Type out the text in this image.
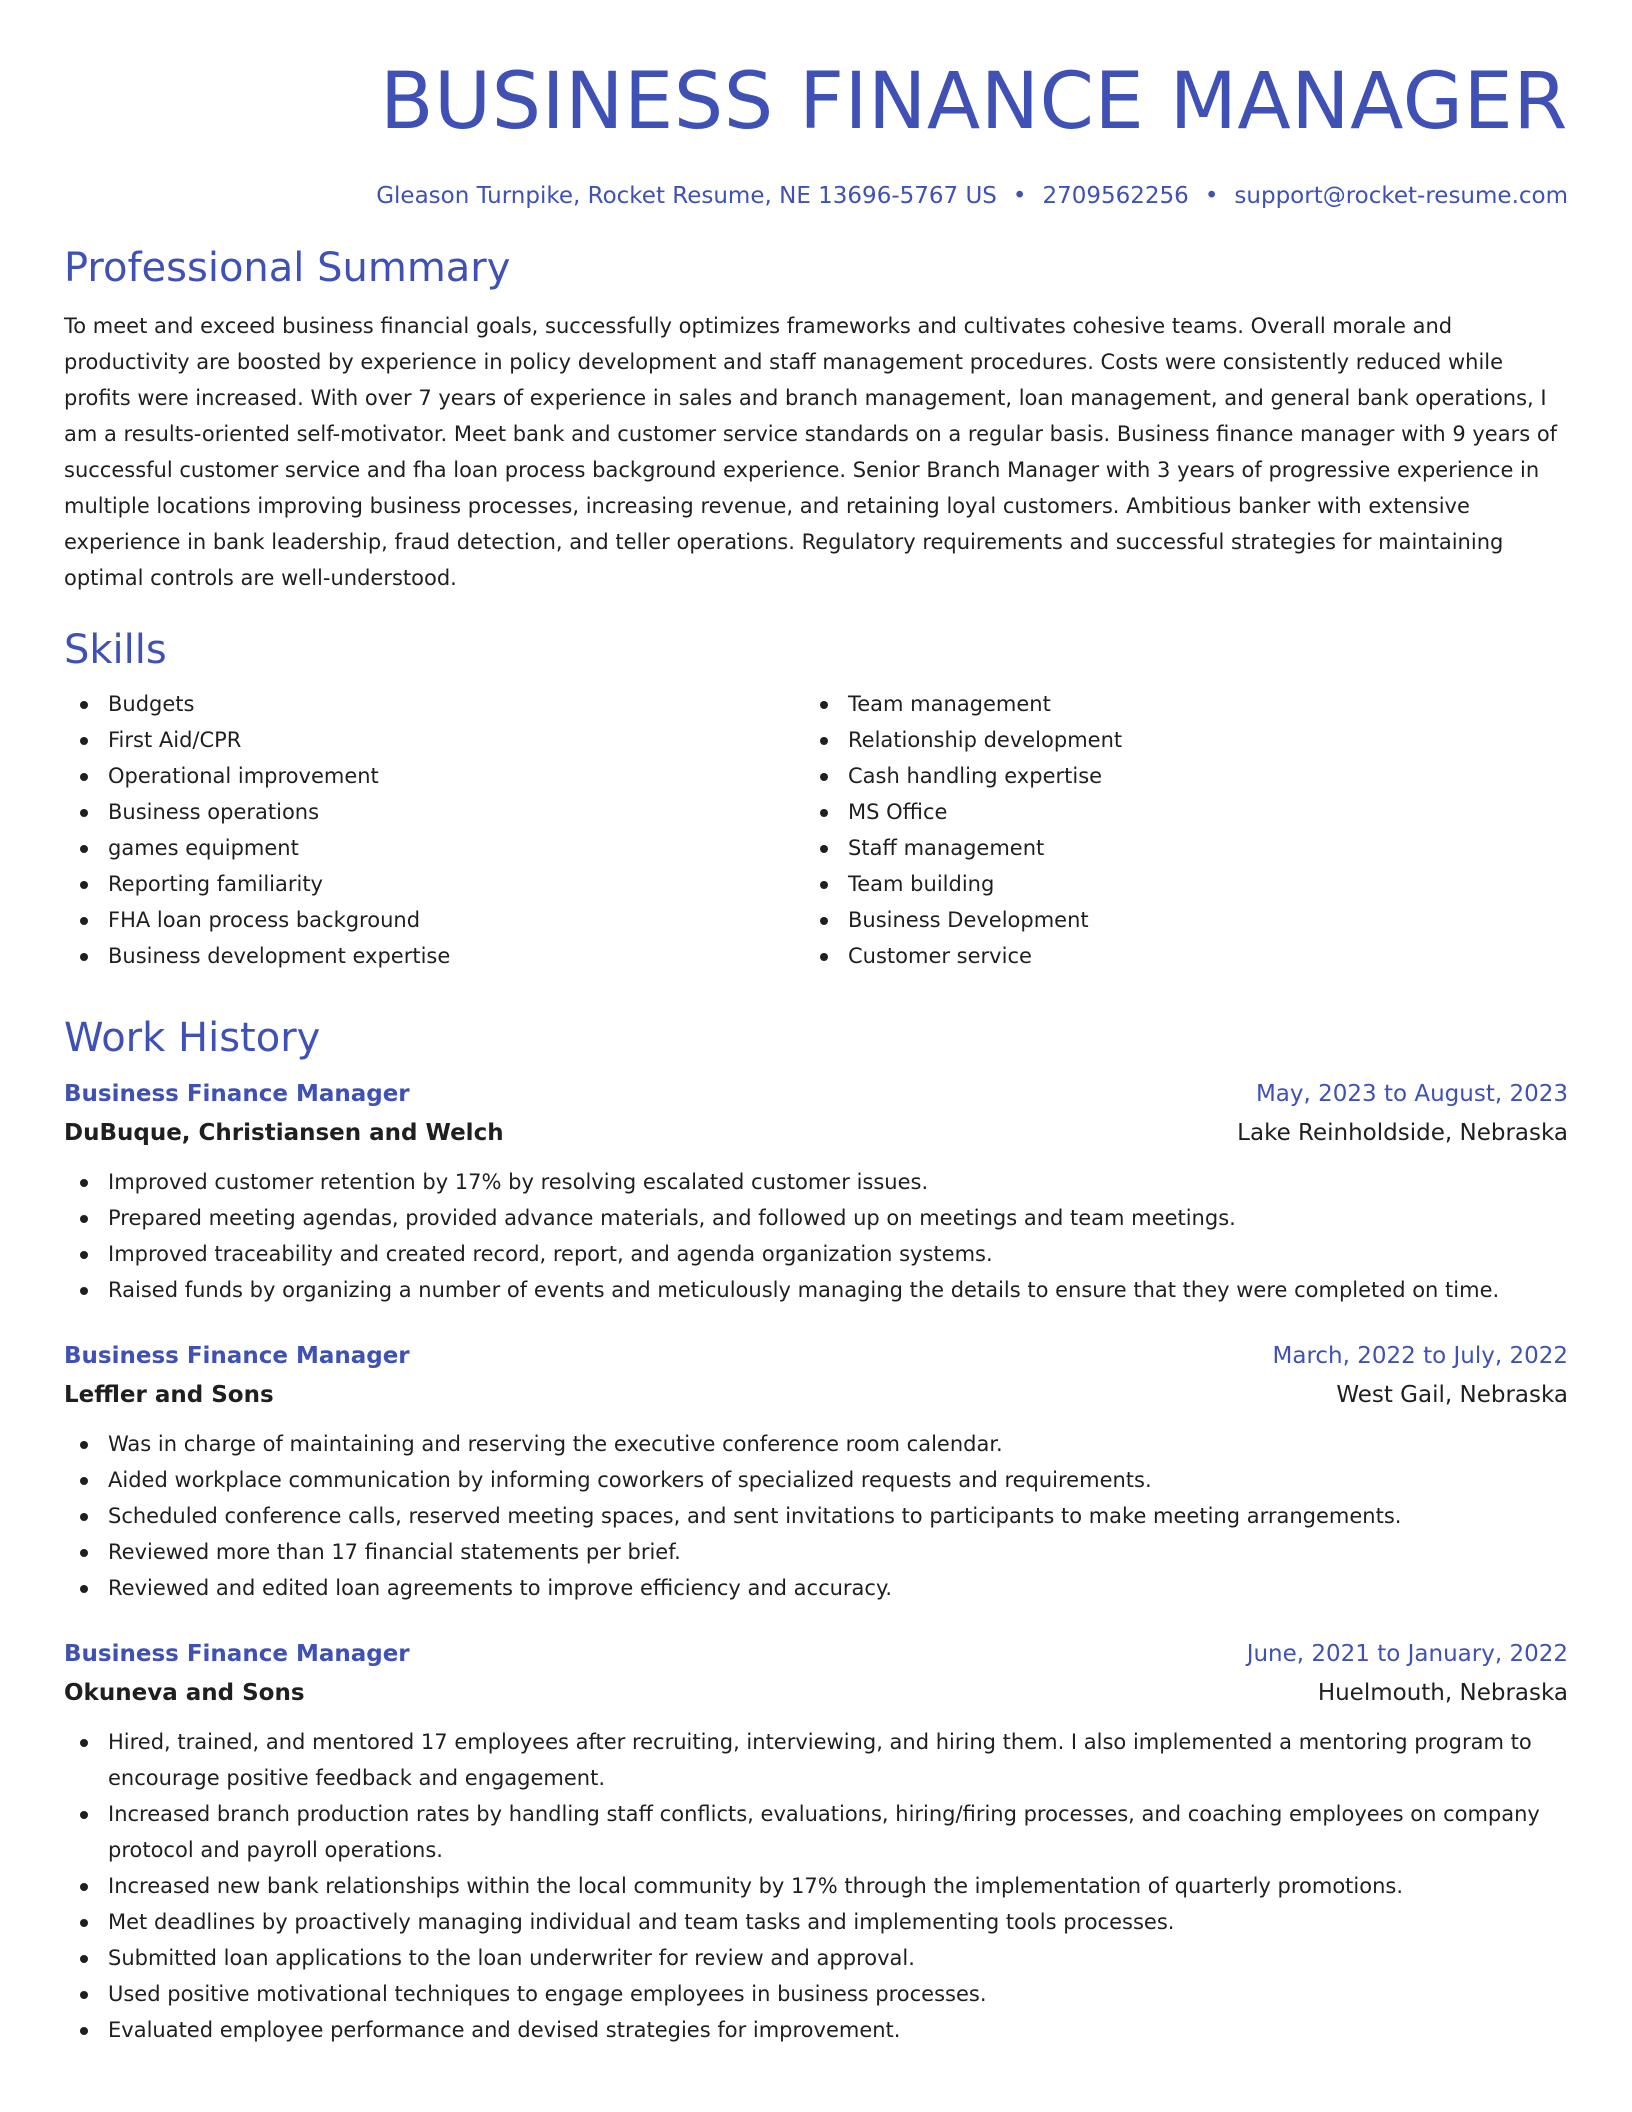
BUSINESS FINANCE MANAGER
Gleason Turnpike, Rocket Resume, NE 13696-5767 US • 2709562256 • support@rocket-resume.com
Professional Summary
To meet and exceed business financial goals, successfully optimizes frameworks and cultivates cohesive teams. Overall morale and productivity are boosted by experience in policy development and staff management procedures. Costs were consistently reduced while profits were increased. With over 7 years of experience in sales and branch management, loan management, and general bank operations, I am a results-oriented self-motivator. Meet bank and customer service standards on a regular basis. Business finance manager with 9 years of successful customer service and fha loan process background experience. Senior Branch Manager with 3 years of progressive experience in multiple locations improving business processes, increasing revenue, and retaining loyal customers. Ambitious banker with extensive experience in bank leadership, fraud detection, and teller operations. Regulatory requirements and successful strategies for maintaining optimal controls are well-understood.
Skills
Budgets
First Aid/CPR
Operational improvement
Business operations
games equipment
Reporting familiarity
FHA loan process background
Business development expertise
Team management
Relationship development
Cash handling expertise
MS Office
Staff management
Team building
Business Development
Customer service
Work History
Business Finance Manager	May, 2023 to August, 2023
DuBuque, Christiansen and Welch	Lake Reinholdside, Nebraska
Improved customer retention by 17% by resolving escalated customer issues.
Prepared meeting agendas, provided advance materials, and followed up on meetings and team meetings.
Improved traceability and created record, report, and agenda organization systems.
Raised funds by organizing a number of events and meticulously managing the details to ensure that they were completed on time.
Business Finance Manager	March, 2022 to July, 2022
Leffler and Sons	West Gail, Nebraska
Was in charge of maintaining and reserving the executive conference room calendar.
Aided workplace communication by informing coworkers of specialized requests and requirements.
Scheduled conference calls, reserved meeting spaces, and sent invitations to participants to make meeting arrangements.
Reviewed more than 17 financial statements per brief.
Reviewed and edited loan agreements to improve efficiency and accuracy.
Business Finance Manager	June, 2021 to January, 2022
Okuneva and Sons	Huelmouth, Nebraska
Hired, trained, and mentored 17 employees after recruiting, interviewing, and hiring them. I also implemented a mentoring program to encourage positive feedback and engagement.
Increased branch production rates by handling staff conflicts, evaluations, hiring/firing processes, and coaching employees on company protocol and payroll operations.
Increased new bank relationships within the local community by 17% through the implementation of quarterly promotions.
Met deadlines by proactively managing individual and team tasks and implementing tools processes.
Submitted loan applications to the loan underwriter for review and approval.
Used positive motivational techniques to engage employees in business processes.
Evaluated employee performance and devised strategies for improvement.
